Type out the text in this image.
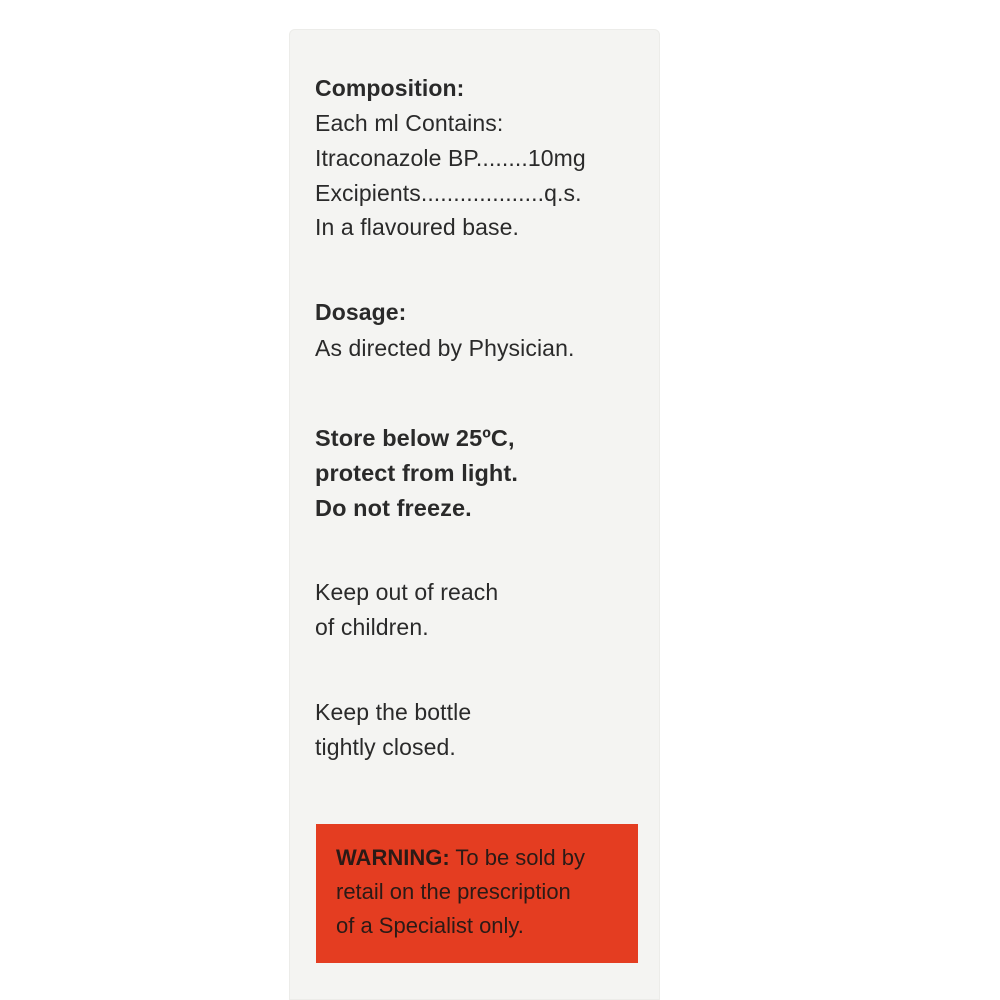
Composition:
Each ml Contains:
Itraconazole BP........10mg
Excipients...................q.s.
In a flavoured base.
Dosage:
As directed by Physician.
Store below 25ºC,
protect from light.
Do not freeze.
Keep out of reach
of children.
Keep the bottle
tightly closed.
WARNING: To be sold by
retail on the prescription
of a Specialist only.
